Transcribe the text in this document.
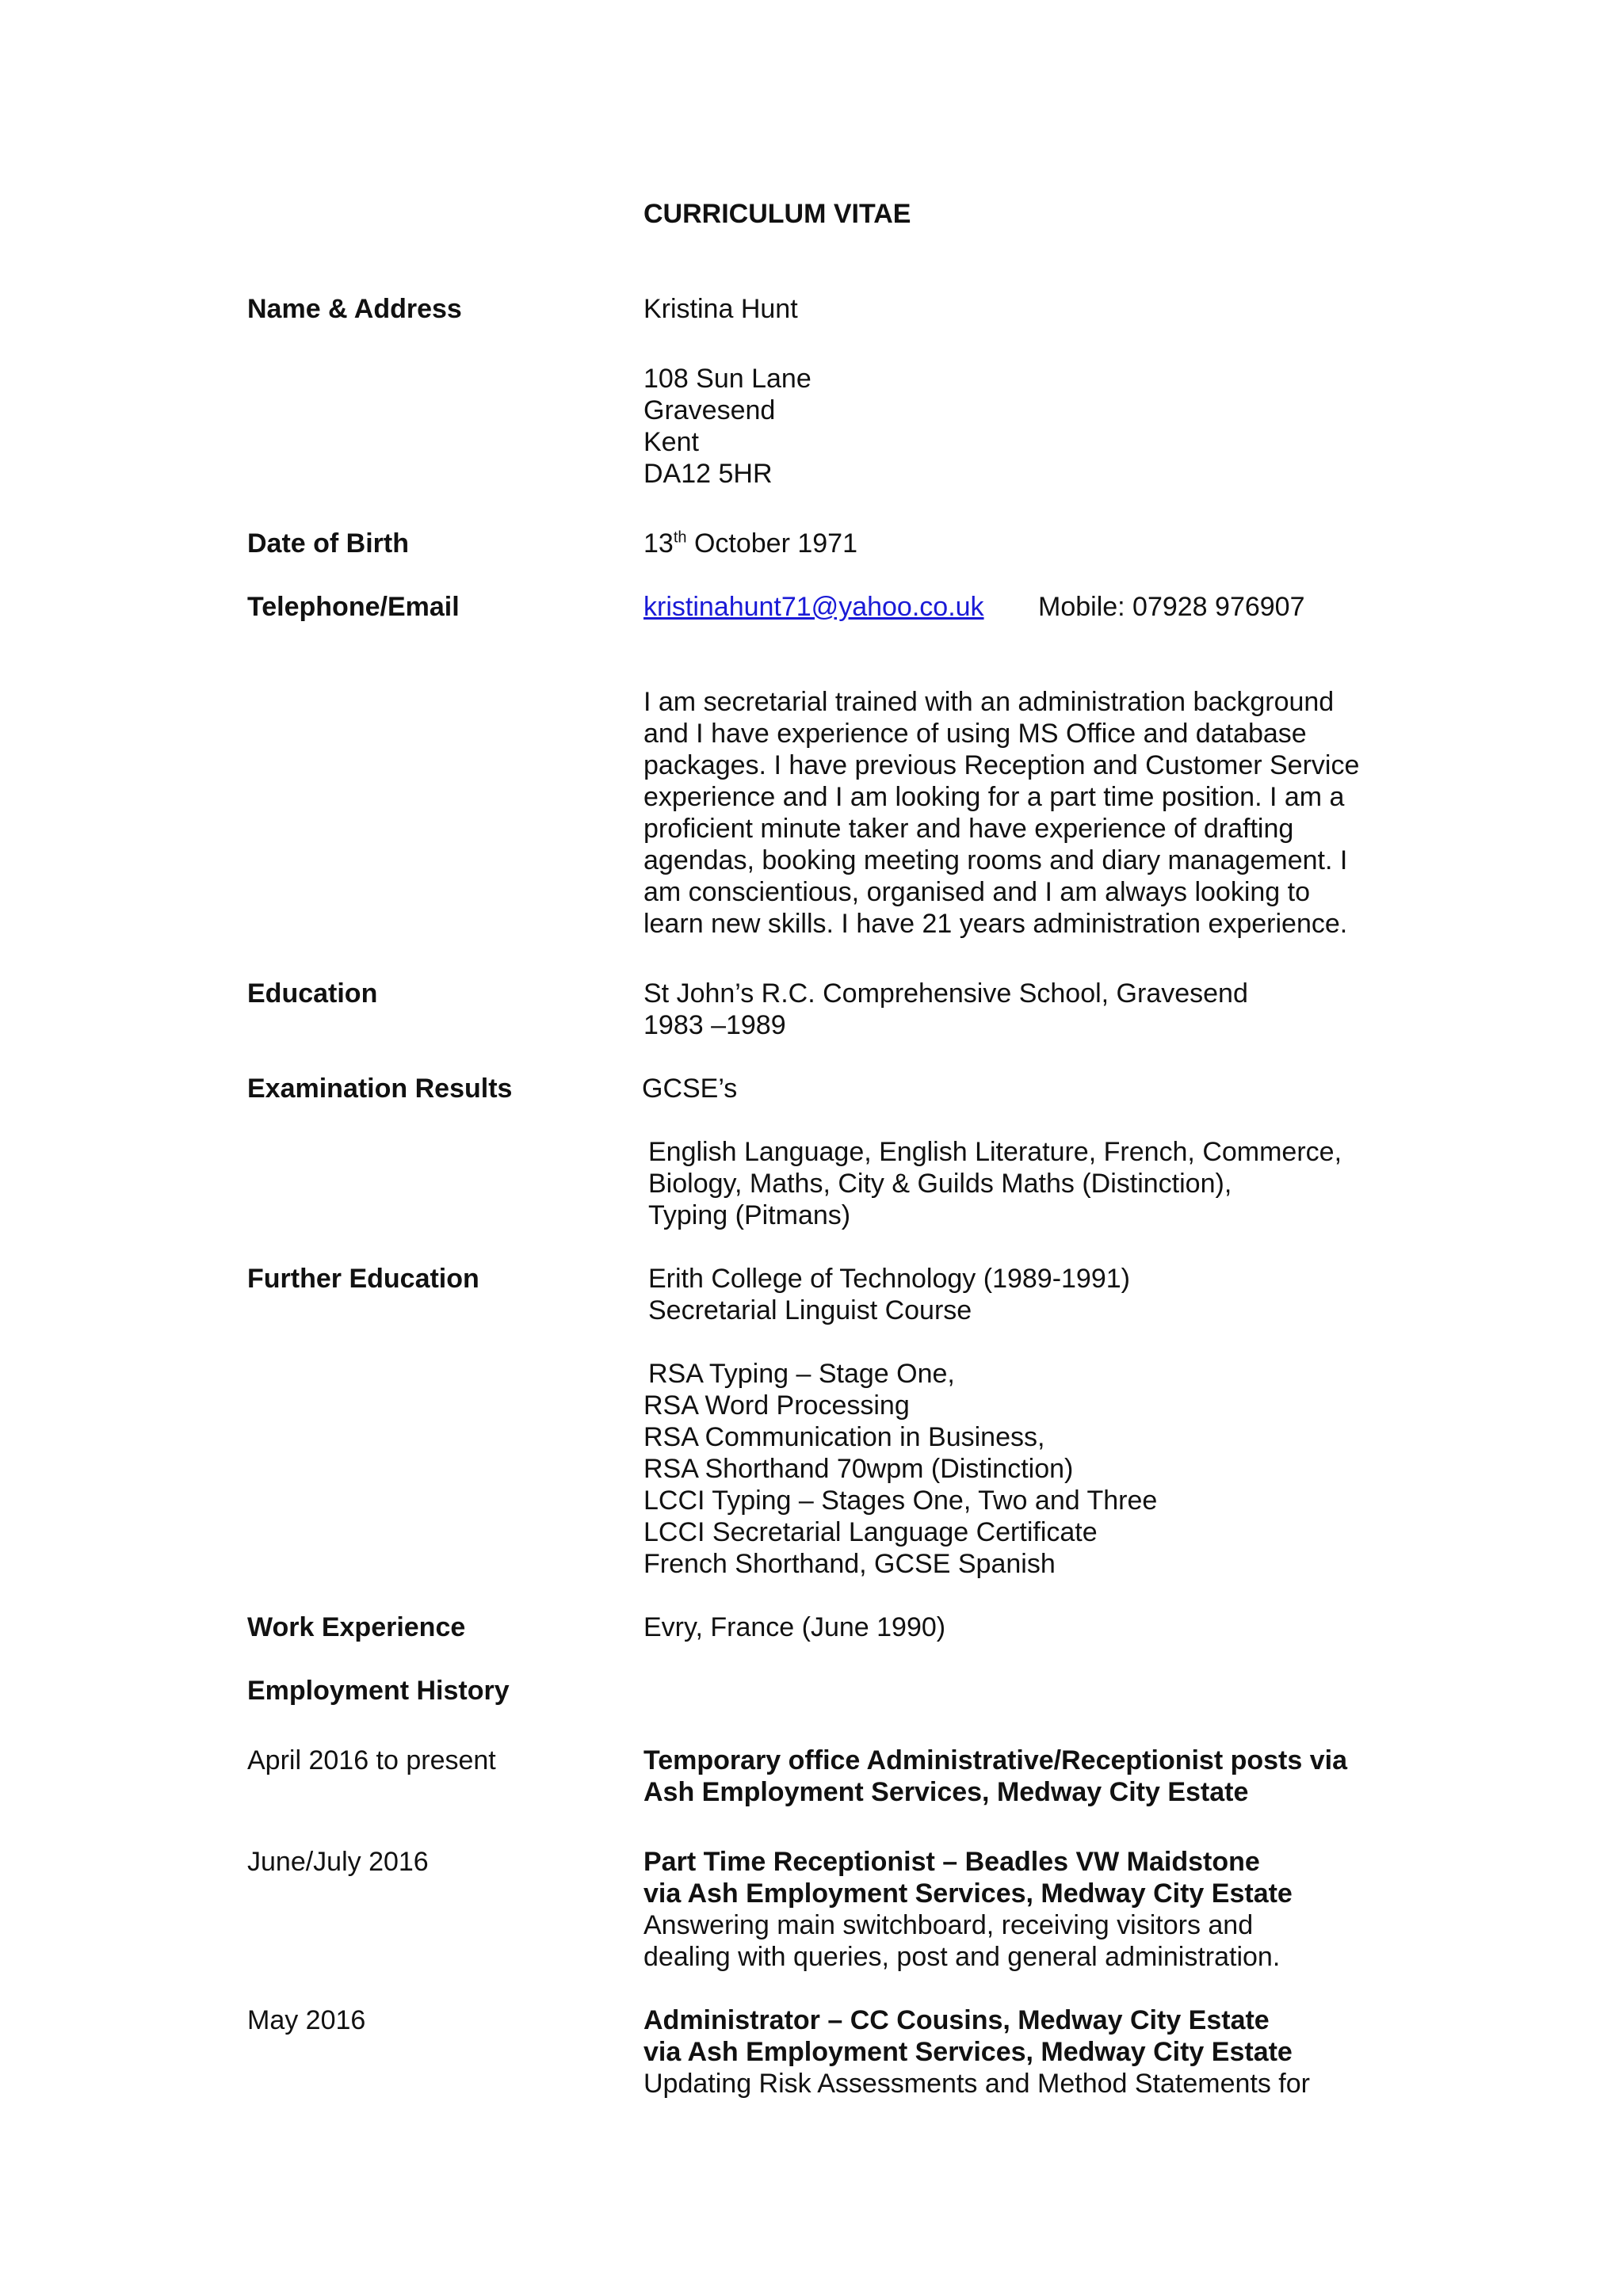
CURRICULUM VITAE
Name & Address	Kristina Hunt
108 Sun Lane
Gravesend
Kent
DA12 5HR
Date of Birth	13th October 1971
Telephone/Email	kristinahunt71@yahoo.co.uk Mobile: 07928 976907
I am secretarial trained with an administration background
and I have experience of using MS Office and database
packages. I have previous Reception and Customer Service
experience and I am looking for a part time position. I am a
proficient minute taker and have experience of drafting
agendas, booking meeting rooms and diary management. I
am conscientious, organised and I am always looking to
learn new skills. I have 21 years administration experience.
Education	St John’s R.C. Comprehensive School, Gravesend
1983 –1989
Examination Results	GCSE’s
English Language, English Literature, French, Commerce,
Biology, Maths, City & Guilds Maths (Distinction),
Typing (Pitmans)
Further Education	Erith College of Technology (1989-1991)
Secretarial Linguist Course
RSA Typing – Stage One,
RSA Word Processing
RSA Communication in Business,
RSA Shorthand 70wpm (Distinction)
LCCI Typing – Stages One, Two and Three
LCCI Secretarial Language Certificate
French Shorthand, GCSE Spanish
Work Experience	Evry, France (June 1990)
Employment History
April 2016 to present	Temporary office Administrative/Receptionist posts via
Ash Employment Services, Medway City Estate
June/July 2016	Part Time Receptionist – Beadles VW Maidstone
via Ash Employment Services, Medway City Estate
Answering main switchboard, receiving visitors and
dealing with queries, post and general administration.
May 2016	Administrator – CC Cousins, Medway City Estate
via Ash Employment Services, Medway City Estate
Updating Risk Assessments and Method Statements for
